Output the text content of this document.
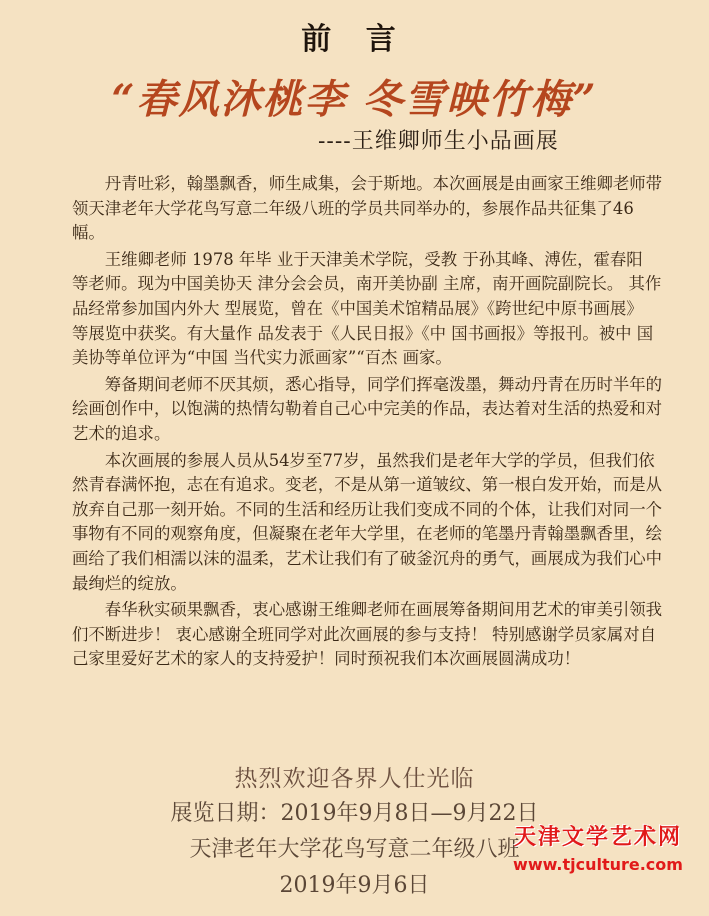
前 言
“春风沐桃李 冬雪映竹梅”
----王维卿师生小品画展

丹青吐彩，翰墨飘香，师生咸集，会于斯地。本次画展是由画家王维卿老师带领天津老年大学花鸟写意二年级八班的学员共同举办的，参展作品共征集了46幅。

王维卿老师 1978 年毕 业于天津美术学院，受教 于孙其峰、溥佐，霍春阳 等老师。现为中国美协天 津分会会员，南开美协副 主席，南开画院副院长。 其作品经常参加国内外大 型展览，曾在《中国美术馆精品展》《跨世纪中原书画展》 等展览中获奖。有大量作 品发表于《人民日报》《中 国书画报》等报刊。被中 国美协等单位评为“中国 当代实力派画家”“百杰 画家。

筹备期间老师不厌其烦，悉心指导，同学们挥毫泼墨，舞动丹青在历时半年的绘画创作中，以饱满的热情勾勒着自己心中完美的作品，表达着对生活的热爱和对艺术的追求。

本次画展的参展人员从54岁至77岁，虽然我们是老年大学的学员，但我们依然青春满怀抱，志在有追求。变老，不是从第一道皱纹、第一根白发开始，而是从放弃自己那一刻开始。不同的生活和经历让我们变成不同的个体，让我们对同一个事物有不同的观察角度，但凝聚在老年大学里，在老师的笔墨丹青翰墨飘香里，绘画给了我们相濡以沫的温柔，艺术让我们有了破釜沉舟的勇气，画展成为我们心中最绚烂的绽放。

春华秋实硕果飘香，衷心感谢王维卿老师在画展筹备期间用艺术的审美引领我们不断进步！ 衷心感谢全班同学对此次画展的参与支持！ 特别感谢学员家属对自己家里爱好艺术的家人的支持爱护！同时预祝我们本次画展圆满成功！

热烈欢迎各界人仕光临
展览日期：2019年9月8日—9月22日
天津老年大学花鸟写意二年级八班
2019年9月6日
天津文学艺术网
www.tjculture.com
